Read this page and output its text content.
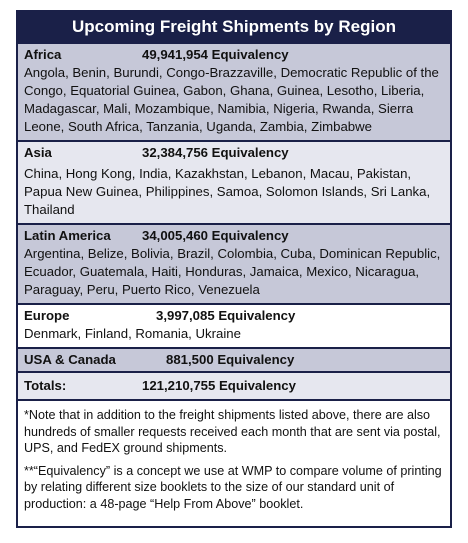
Upcoming Freight Shipments by Region
Africa	49,941,954 Equivalency
Angola, Benin, Burundi, Congo-Brazzaville, Democratic Republic of the Congo, Equatorial Guinea, Gabon, Ghana, Guinea, Lesotho, Liberia, Madagascar, Mali, Mozambique, Namibia, Nigeria, Rwanda, Sierra Leone, South Africa, Tanzania, Uganda, Zambia, Zimbabwe
Asia	32,384,756 Equivalency
China, Hong Kong, India, Kazakhstan, Lebanon, Macau, Pakistan, Papua New Guinea, Philippines, Samoa, Solomon Islands, Sri Lanka, Thailand
Latin America 34,005,460 Equivalency
Argentina, Belize, Bolivia, Brazil, Colombia, Cuba, Dominican Republic, Ecuador, Guatemala, Haiti, Honduras, Jamaica, Mexico, Nicaragua, Paraguay, Peru, Puerto Rico, Venezuela
Europe	3,997,085 Equivalency
Denmark, Finland, Romania, Ukraine
USA & Canada	881,500 Equivalency
Totals:	121,210,755 Equivalency

*Note that in addition to the freight shipments listed above, there are also hundreds of smaller requests received each month that are sent via postal, UPS, and FedEX ground shipments.

**“Equivalency” is a concept we use at WMP to compare volume of printing by relating different size booklets to the size of our standard unit of production: a 48-page “Help From Above” booklet.
